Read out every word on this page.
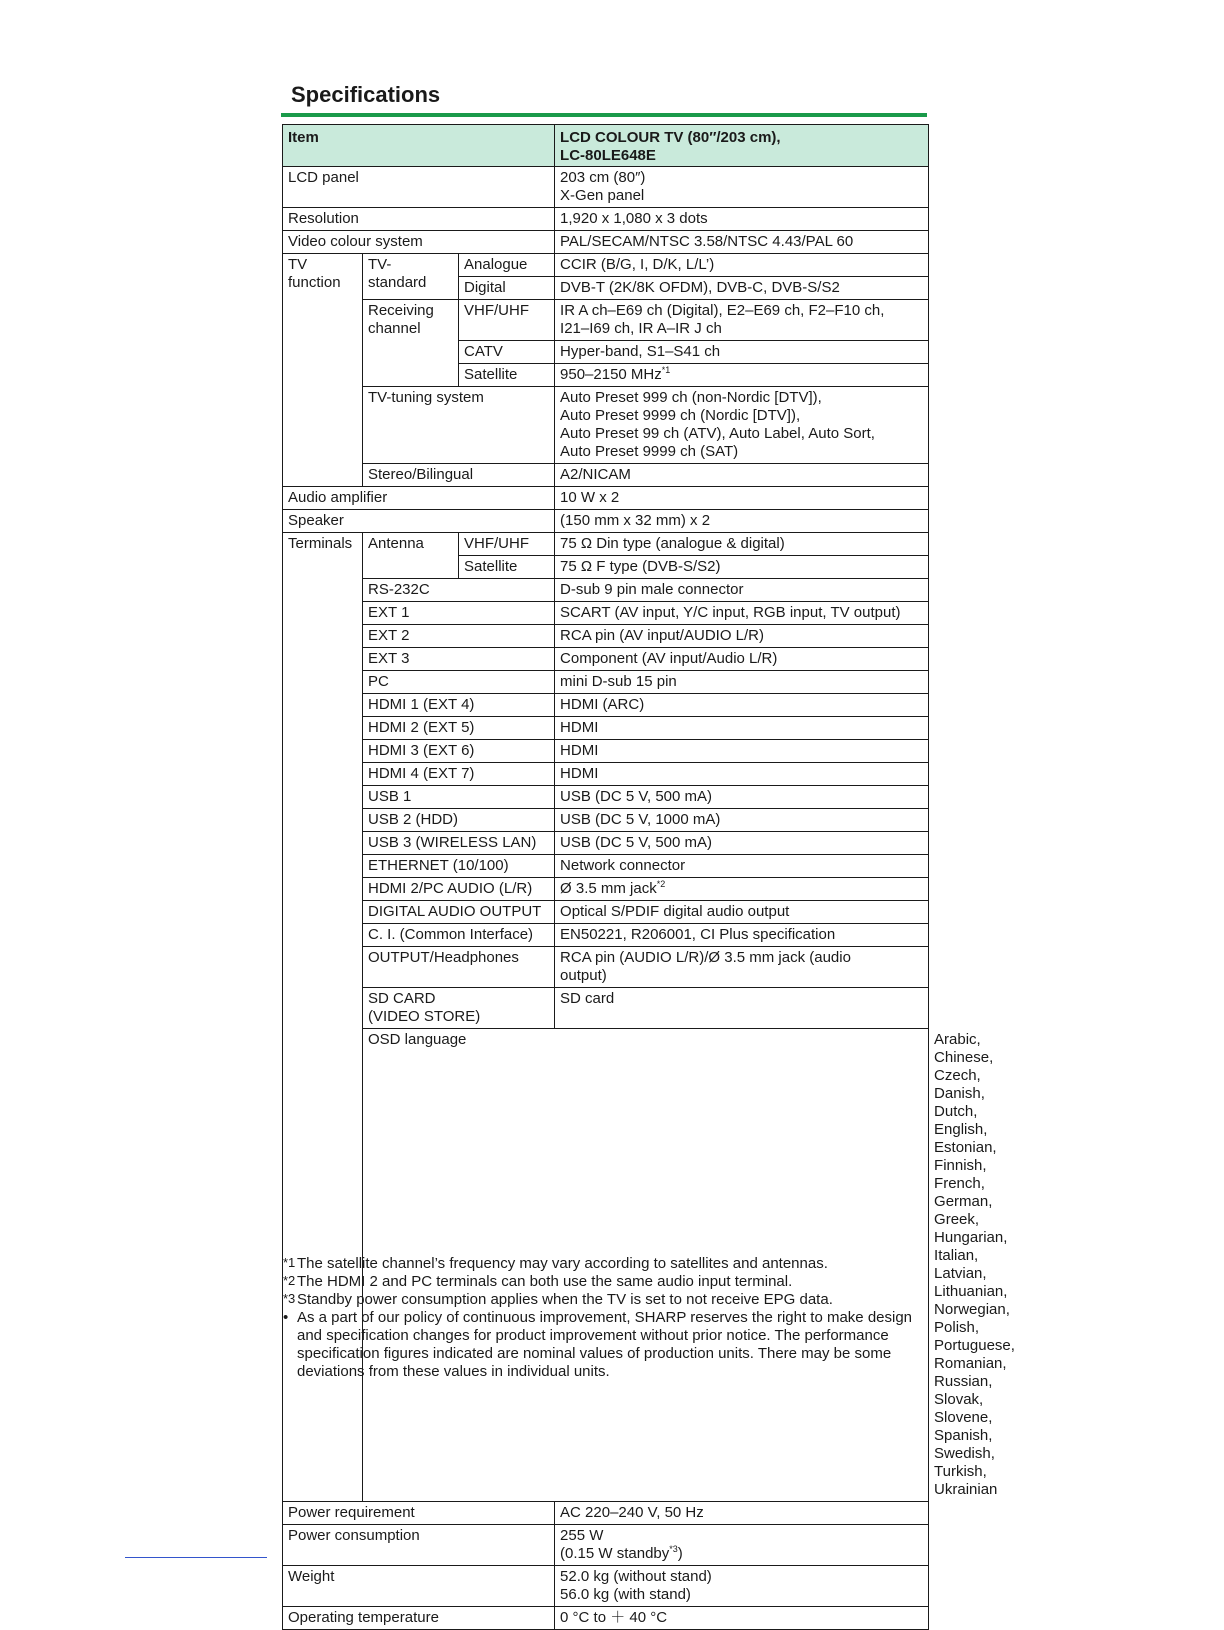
Specifications
Item			LCD COLOUR TV (80″/203 cm),
LC-80LE648E	

LCD panel			203 cm (80″)
X-Gen panel	
Resolution			1,920 x 1,080 x 3 dots	
Video colour system			PAL/SECAM/NTSC 3.58/NTSC 4.43/PAL 60	
TV
function	TV-
standard	Analogue	CCIR (B/G, I, D/K, L/L’)	
		Digital	DVB-T (2K/8K OFDM), DVB-C, DVB-S/S2	
	Receiving
channel	VHF/UHF	IR A ch–E69 ch (Digital), E2–E69 ch, F2–F10 ch,
I21–I69 ch, IR A–IR J ch	
		CATV	Hyper-band, S1–S41 ch	
		Satellite	950–2150 MHz$^{*1}$
	TV-tuning system		Auto Preset 999 ch (non-Nordic [DTV]),
Auto Preset 9999 ch (Nordic [DTV]),
Auto Preset 99 ch (ATV), Auto Label, Auto Sort,
Auto Preset 9999 ch (SAT)	
	Stereo/Bilingual		A2/NICAM	
Audio amplifier			10 W x 2	
Speaker			(150 mm x 32 mm) x 2	
Terminals	Antenna	VHF/UHF	75 Ω Din type (analogue & digital)	
		Satellite	75 Ω F type (DVB-S/S2)	
	RS-232C		D-sub 9 pin male connector	
	EXT 1		SCART (AV input, Y/C input, RGB input, TV output)	
	EXT 2		RCA pin (AV input/AUDIO L/R)	
	EXT 3		Component (AV input/Audio L/R)	
	PC		mini D-sub 15 pin	
	HDMI 1 (EXT 4)		HDMI (ARC)	
	HDMI 2 (EXT 5)		HDMI	
	HDMI 3 (EXT 6)		HDMI	
	HDMI 4 (EXT 7)		HDMI	
	USB 1		USB (DC 5 V, 500 mA)	
	USB 2 (HDD)		USB (DC 5 V, 1000 mA)	
	USB 3 (WIRELESS LAN)		USB (DC 5 V, 500 mA)	
	ETHERNET (10/100)		Network connector	
	HDMI 2/PC AUDIO (L/R)		Ø 3.5 mm jack$^{*2}$
	DIGITAL AUDIO OUTPUT		Optical S/PDIF digital audio output	
	C. I. (Common Interface)		EN50221, R206001, CI Plus specification	
	OUTPUT/Headphones		RCA pin (AUDIO L/R)/Ø 3.5 mm jack (audio
output)	
	SD CARD
(VIDEO STORE)		SD card	
	OSD language			Arabic, Chinese, Czech, Danish, Dutch, English,
Estonian, Finnish, French, German, Greek,
Hungarian, Italian, Latvian, Lithuanian, Norwegian,
Polish, Portuguese, Romanian, Russian, Slovak,
Slovene, Spanish, Swedish, Turkish, Ukrainian
Power requirement			AC 220–240 V, 50 Hz	
Power consumption			255 W
(0.15 W standby$^{*3}$)	

Weight			52.0 kg (without stand)
56.0 kg (with stand)	
Operating temperature			0 °C to ＋ 40 °C	

*1 The satellite channel’s frequency may vary according to satellites and antennas.

*2 The HDMI 2 and PC terminals can both use the same audio input terminal.

*3 Standby power consumption applies when the TV is set to not receive EPG data.

• As a part of our policy of continuous improvement, SHARP reserves the right to make design and specification changes for product improvement without prior notice. The performance specification figures indicated are nominal values of production units. There may be some deviations from these values in individual units.
